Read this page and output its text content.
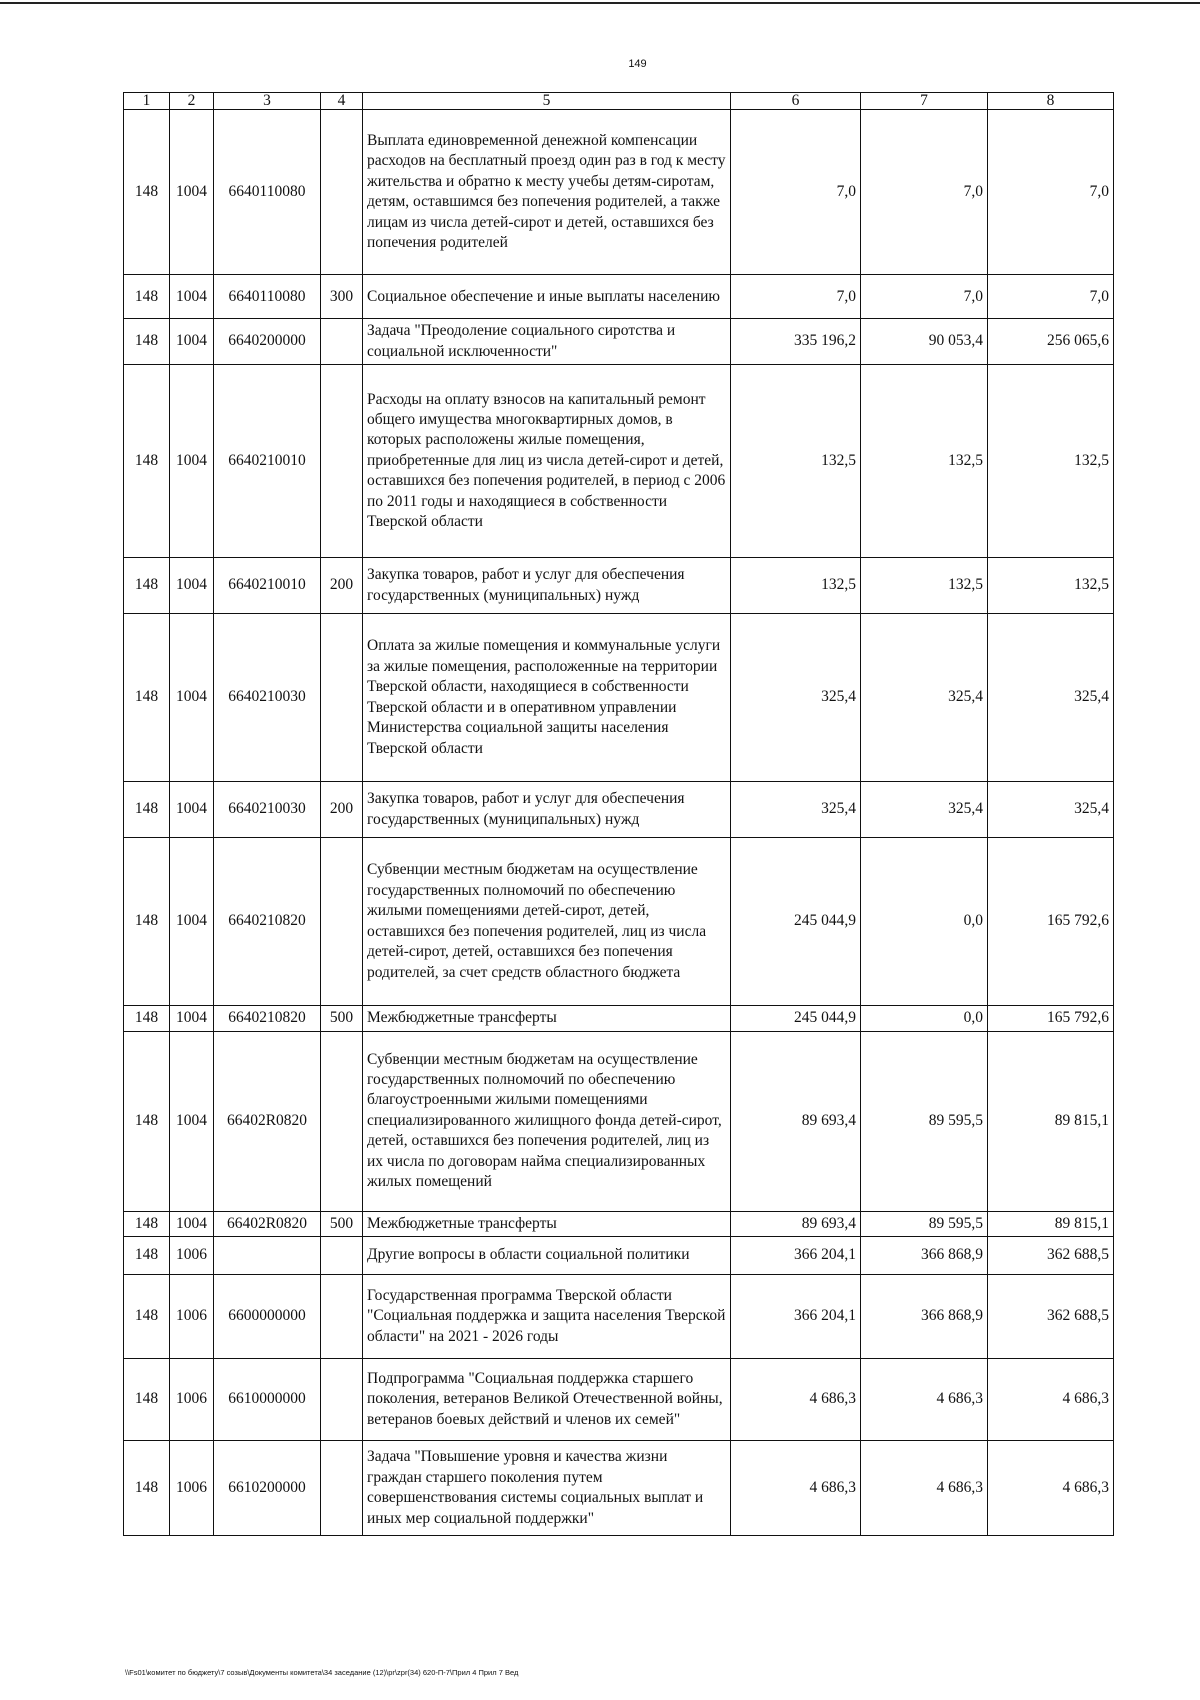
149
1	2	3	4	5	6	7	8
148	1004	6640110080		Выплата единовременной денежной компенсации расходов на бесплатный проезд один раз в год к месту жительства и обратно к месту учебы детям-сиротам, детям, оставшимся без попечения родителей, а также лицам из числа детей-сирот и детей, оставшихся без попечения родителей	7,0	7,0	7,0
148	1004	6640110080	300	Социальное обеспечение и иные выплаты населению	7,0	7,0	7,0
148	1004	6640200000		Задача "Преодоление социального сиротства и социальной исключенности"	335 196,2	90 053,4	256 065,6
148	1004	6640210010		Расходы на оплату взносов на капитальный ремонт общего имущества многоквартирных домов, в которых расположены жилые помещения, приобретенные для лиц из числа детей-сирот и детей, оставшихся без попечения родителей, в период с 2006 по 2011 годы и находящиеся в собственности Тверской области	132,5	132,5	132,5
148	1004	6640210010	200	Закупка товаров, работ и услуг для обеспечения государственных (муниципальных) нужд	132,5	132,5	132,5
148	1004	6640210030		Оплата за жилые помещения и коммунальные услуги за жилые помещения, расположенные на территории Тверской области, находящиеся в собственности Тверской области и в оперативном управлении Министерства социальной защиты населения Тверской области	325,4	325,4	325,4
148	1004	6640210030	200	Закупка товаров, работ и услуг для обеспечения государственных (муниципальных) нужд	325,4	325,4	325,4
148	1004	6640210820		Субвенции местным бюджетам на осуществление государственных полномочий по обеспечению жилыми помещениями детей-сирот, детей, оставшихся без попечения родителей, лиц из числа детей-сирот, детей, оставшихся без попечения родителей, за счет средств областного бюджета	245 044,9	0,0	165 792,6
148	1004	6640210820	500	Межбюджетные трансферты	245 044,9	0,0	165 792,6
148	1004	66402R0820		Субвенции местным бюджетам на осуществление государственных полномочий по обеспечению благоустроенными жилыми помещениями специализированного жилищного фонда детей-сирот, детей, оставшихся без попечения родителей, лиц из их числа по договорам найма специализированных жилых помещений	89 693,4	89 595,5	89 815,1
148	1004	66402R0820	500	Межбюджетные трансферты	89 693,4	89 595,5	89 815,1
148	1006			Другие вопросы в области социальной политики	366 204,1	366 868,9	362 688,5
148	1006	6600000000		Государственная программа Тверской области "Социальная поддержка и защита населения Тверской области" на 2021 - 2026 годы	366 204,1	366 868,9	362 688,5
148	1006	6610000000		Подпрограмма "Социальная поддержка старшего поколения, ветеранов Великой Отечественной войны, ветеранов боевых действий и членов их семей"	4 686,3	4 686,3	4 686,3
148	1006	6610200000		Задача "Повышение уровня и качества жизни граждан старшего поколения путем совершенствования системы социальных выплат и иных мер социальной поддержки"	4 686,3	4 686,3	4 686,3
\\Fs01\комитет по бюджету\7 созыв\Документы комитета\34 заседание (12)\pr\zpr(34) 620-П-7\Прил 4 Прил 7 Вед
